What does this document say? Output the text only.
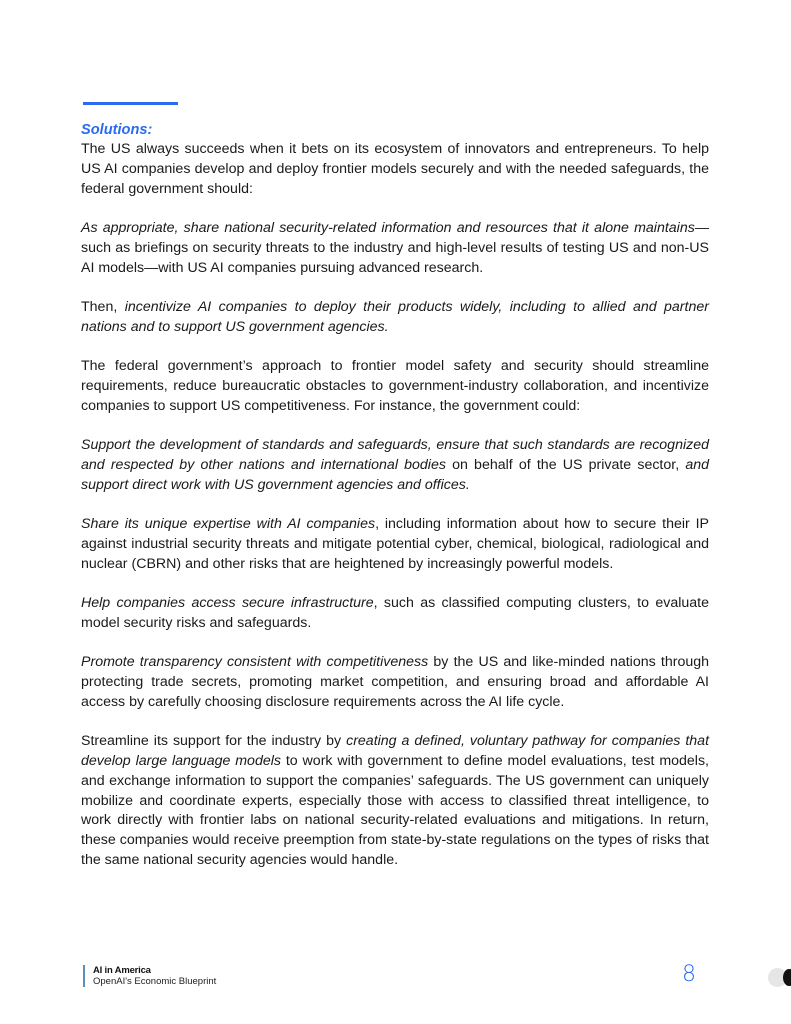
Solutions:

The US always succeeds when it bets on its ecosystem of innovators and entrepreneurs. To help US AI companies develop and deploy frontier models securely and with the needed safeguards, the federal government should:

As appropriate, share national security-related information and resources that it alone maintains—such as briefings on security threats to the industry and high-level results of testing US and non-US AI models—with US AI companies pursuing advanced research.

Then, incentivize AI companies to deploy their products widely, including to allied and partner nations and to support US government agencies.

The federal government’s approach to frontier model safety and security should streamline requirements, reduce bureaucratic obstacles to government-industry collaboration, and incentivize companies to support US competitiveness. For instance, the government could:

Support the development of standards and safeguards, ensure that such standards are recognized and respected by other nations and international bodies on behalf of the US private sector, and support direct work with US government agencies and offices.

Share its unique expertise with AI companies, including information about how to secure their IP against industrial security threats and mitigate potential cyber, chemical, biological, radiological and nuclear (CBRN) and other risks that are heightened by increasingly powerful models.

Help companies access secure infrastructure, such as classified computing clusters, to evaluate model security risks and safeguards.

Promote transparency consistent with competitiveness by the US and like-minded nations through protecting trade secrets, promoting market competition, and ensuring broad and affordable AI access by carefully choosing disclosure requirements across the AI life cycle.

Streamline its support for the industry by creating a defined, voluntary pathway for companies that develop large language models to work with government to define model evaluations, test models, and exchange information to support the companies’ safeguards. The US government can uniquely mobilize and coordinate experts, especially those with access to classified threat intelligence, to work directly with frontier labs on national security-related evaluations and mitigations. In return, these companies would receive preemption from state-by-state regulations on the types of risks that the same national security agencies would handle.

AI in America
OpenAI's Economic Blueprint	8
